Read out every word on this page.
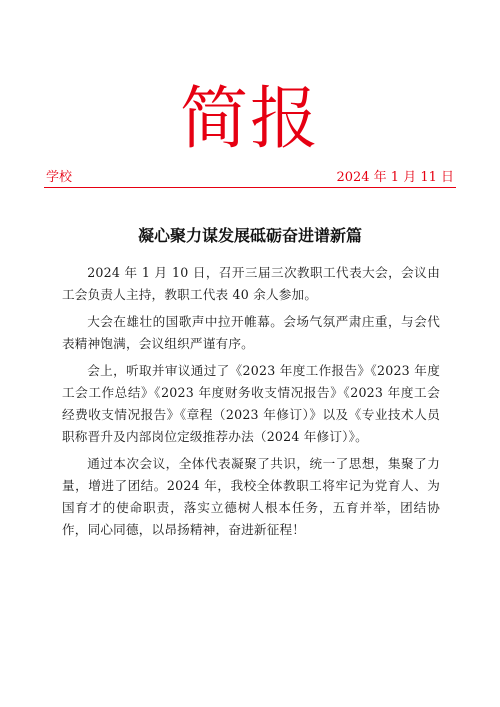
简报
学校	2024 年 1 月 11 日
凝心聚力谋发展砥砺奋进谱新篇

2024 年 1 月 10 日，召开三届三次教职工代表大会，会议由工会负责人主持，教职工代表 40 余人参加。

大会在雄壮的国歌声中拉开帷幕。会场气氛严肃庄重，与会代表精神饱满，会议组织严谨有序。

会上，听取并审议通过了《2023 年度工作报告》《2023 年度工会工作总结》《2023 年度财务收支情况报告》《2023 年度工会经费收支情况报告》《章程（2023 年修订）》以及《专业技术人员职称晋升及内部岗位定级推荐办法（2024 年修订）》。

通过本次会议，全体代表凝聚了共识，统一了思想，集聚了力量，增进了团结。2024 年，我校全体教职工将牢记为党育人、为国育才的使命职责，落实立德树人根本任务，五育并举，团结协作，同心同德，以昂扬精神，奋进新征程！
